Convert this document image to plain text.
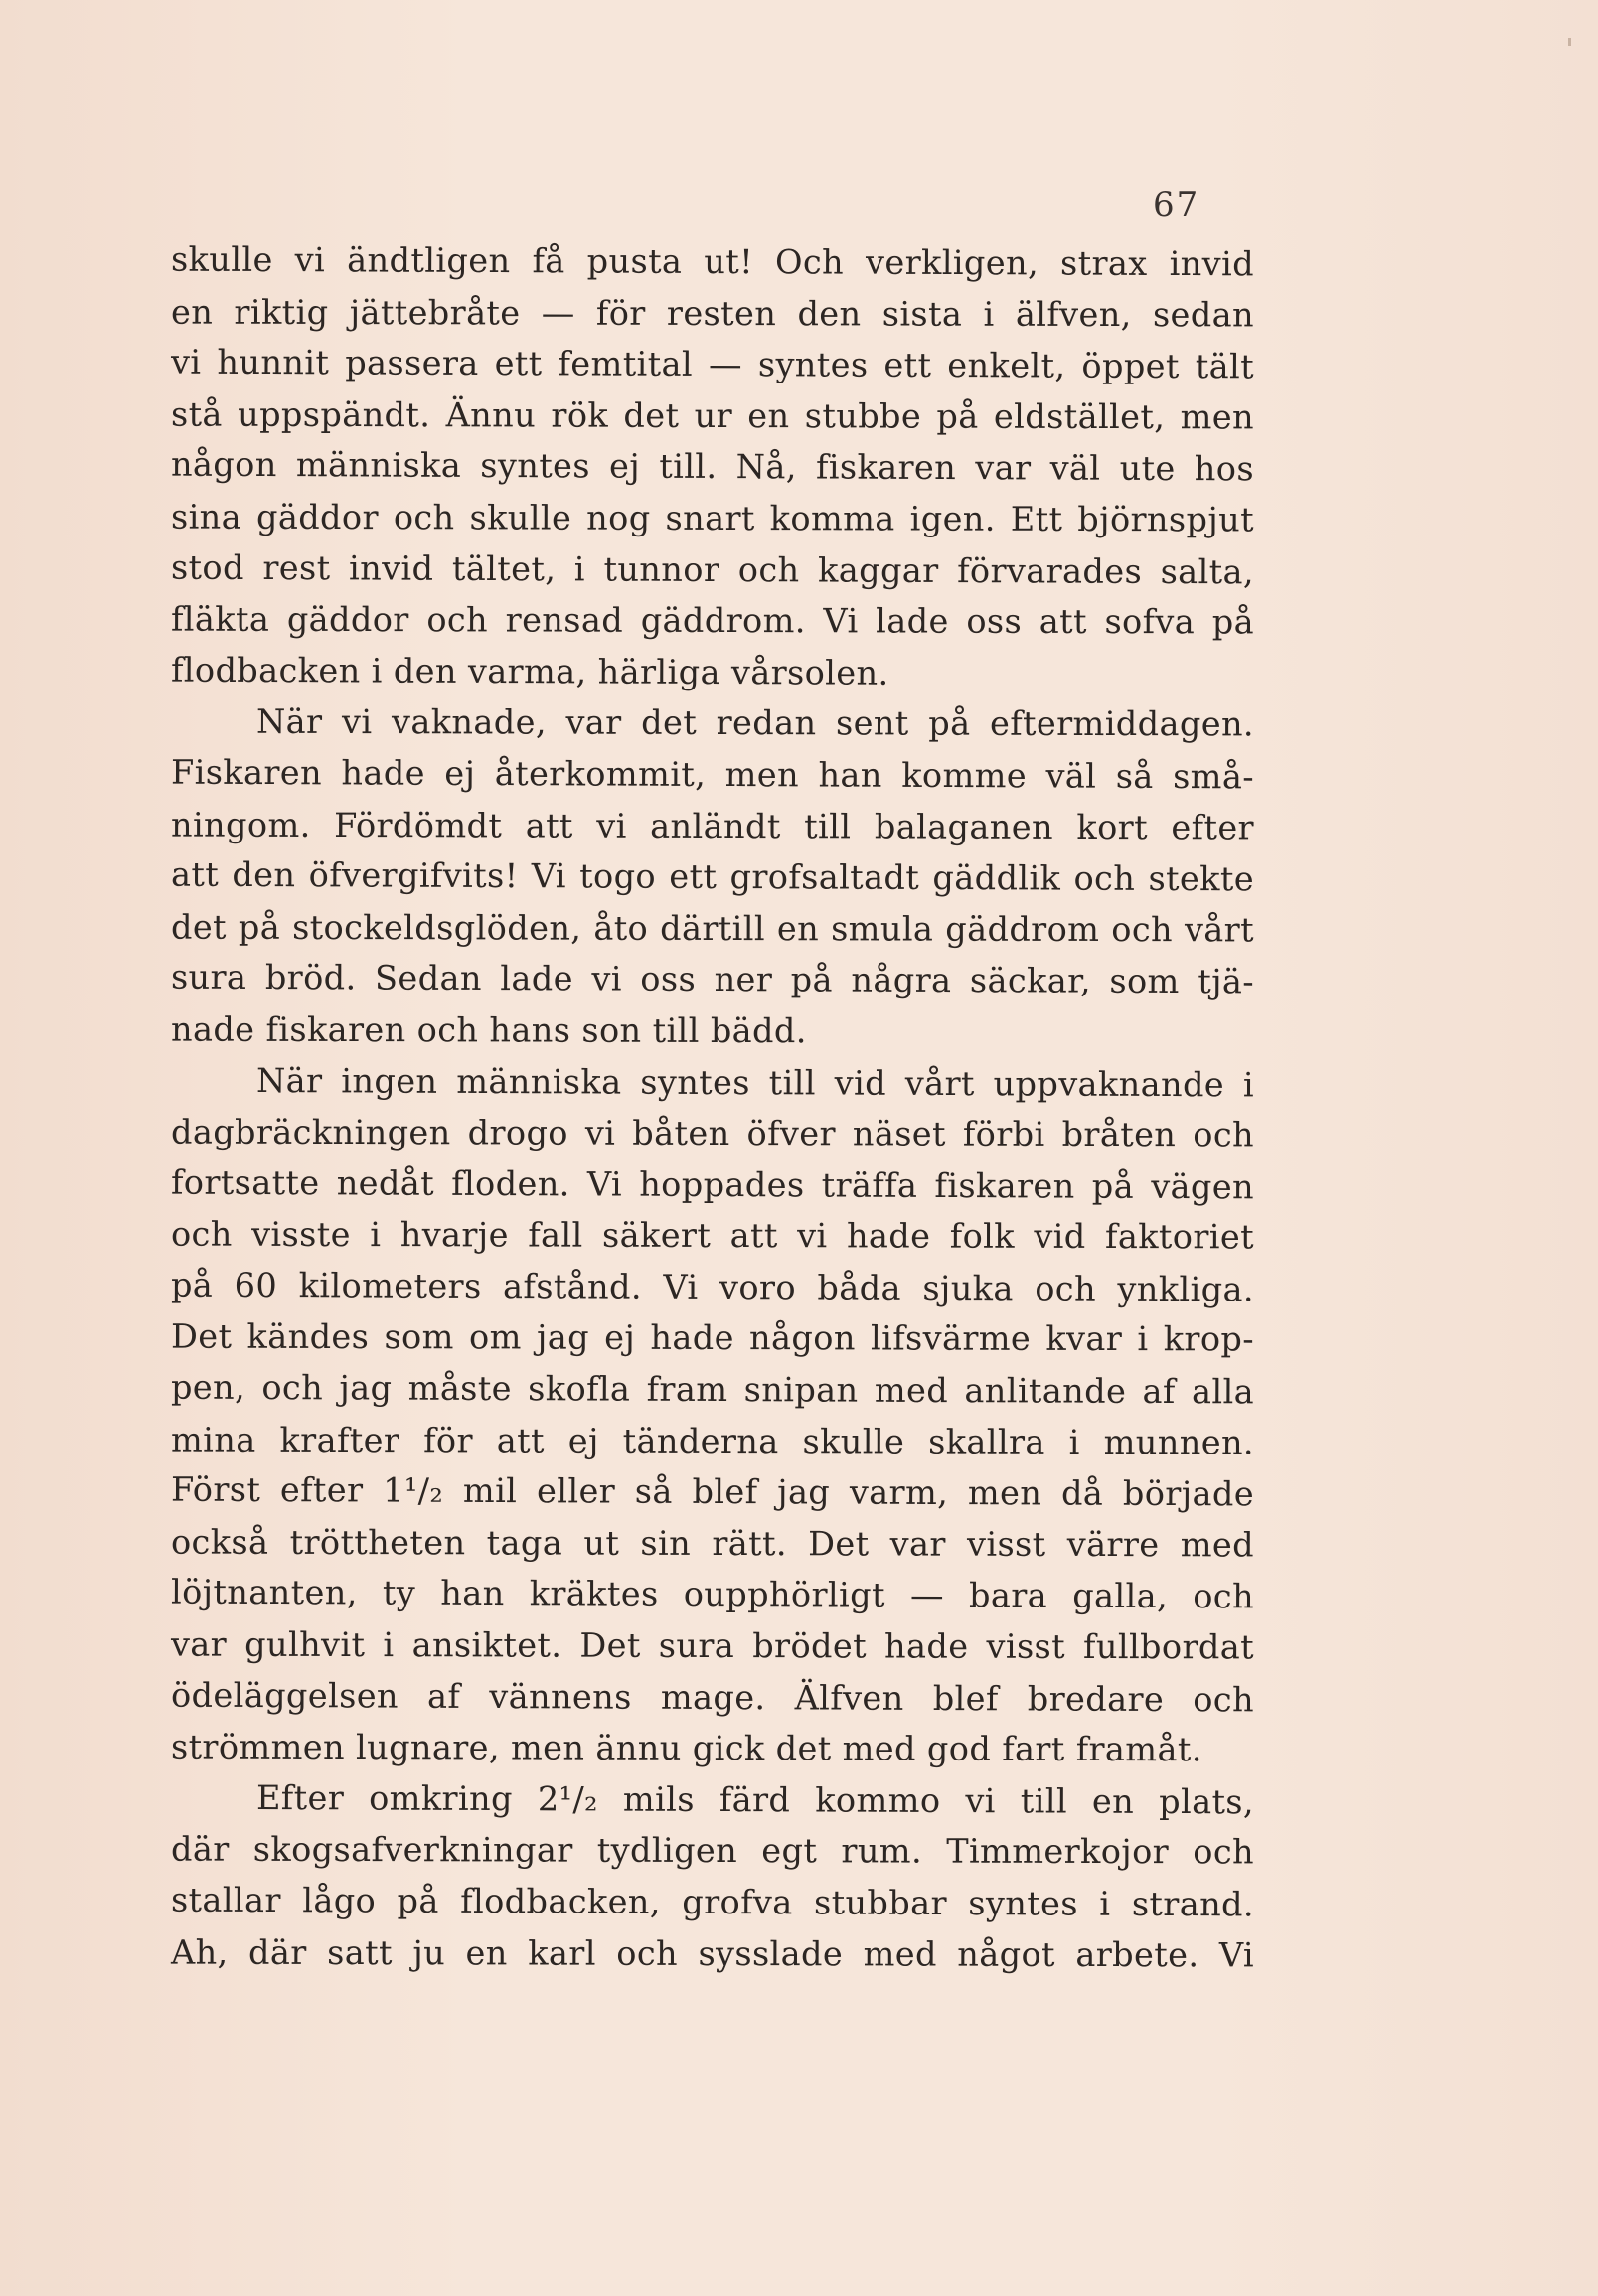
67
skulle vi ändtligen få pusta ut! Och verkligen, strax invid
en riktig jättebråte — för resten den sista i älfven, sedan
vi hunnit passera ett femtital — syntes ett enkelt, öppet tält
stå uppspändt. Ännu rök det ur en stubbe på eldstället, men
någon människa syntes ej till. Nå, fiskaren var väl ute hos
sina gäddor och skulle nog snart komma igen. Ett björnspjut
stod rest invid tältet, i tunnor och kaggar förvarades salta,
fläkta gäddor och rensad gäddrom. Vi lade oss att sofva på
flodbacken i den varma, härliga vårsolen.
När vi vaknade, var det redan sent på eftermiddagen.
Fiskaren hade ej återkommit, men han komme väl så små-
ningom. Fördömdt att vi anländt till balaganen kort efter
att den öfvergifvits! Vi togo ett grofsaltadt gäddlik och stekte
det på stockeldsglöden, åto därtill en smula gäddrom och vårt
sura bröd. Sedan lade vi oss ner på några säckar, som tjä-
nade fiskaren och hans son till bädd.
När ingen människa syntes till vid vårt uppvaknande i
dagbräckningen drogo vi båten öfver näset förbi bråten och
fortsatte nedåt floden. Vi hoppades träffa fiskaren på vägen
och visste i hvarje fall säkert att vi hade folk vid faktoriet
på 60 kilometers afstånd. Vi voro båda sjuka och ynkliga.
Det kändes som om jag ej hade någon lifsvärme kvar i krop-
pen, och jag måste skofla fram snipan med anlitande af alla
mina krafter för att ej tänderna skulle skallra i munnen.
Först efter 1¹/₂ mil eller så blef jag varm, men då började
också tröttheten taga ut sin rätt. Det var visst värre med
löjtnanten, ty han kräktes oupphörligt — bara galla, och
var gulhvit i ansiktet. Det sura brödet hade visst fullbordat
ödeläggelsen af vännens mage. Älfven blef bredare och
strömmen lugnare, men ännu gick det med god fart framåt.
Efter omkring 2¹/₂ mils färd kommo vi till en plats,
där skogsafverkningar tydligen egt rum. Timmerkojor och
stallar lågo på flodbacken, grofva stubbar syntes i strand.
Ah, där satt ju en karl och sysslade med något arbete. Vi
